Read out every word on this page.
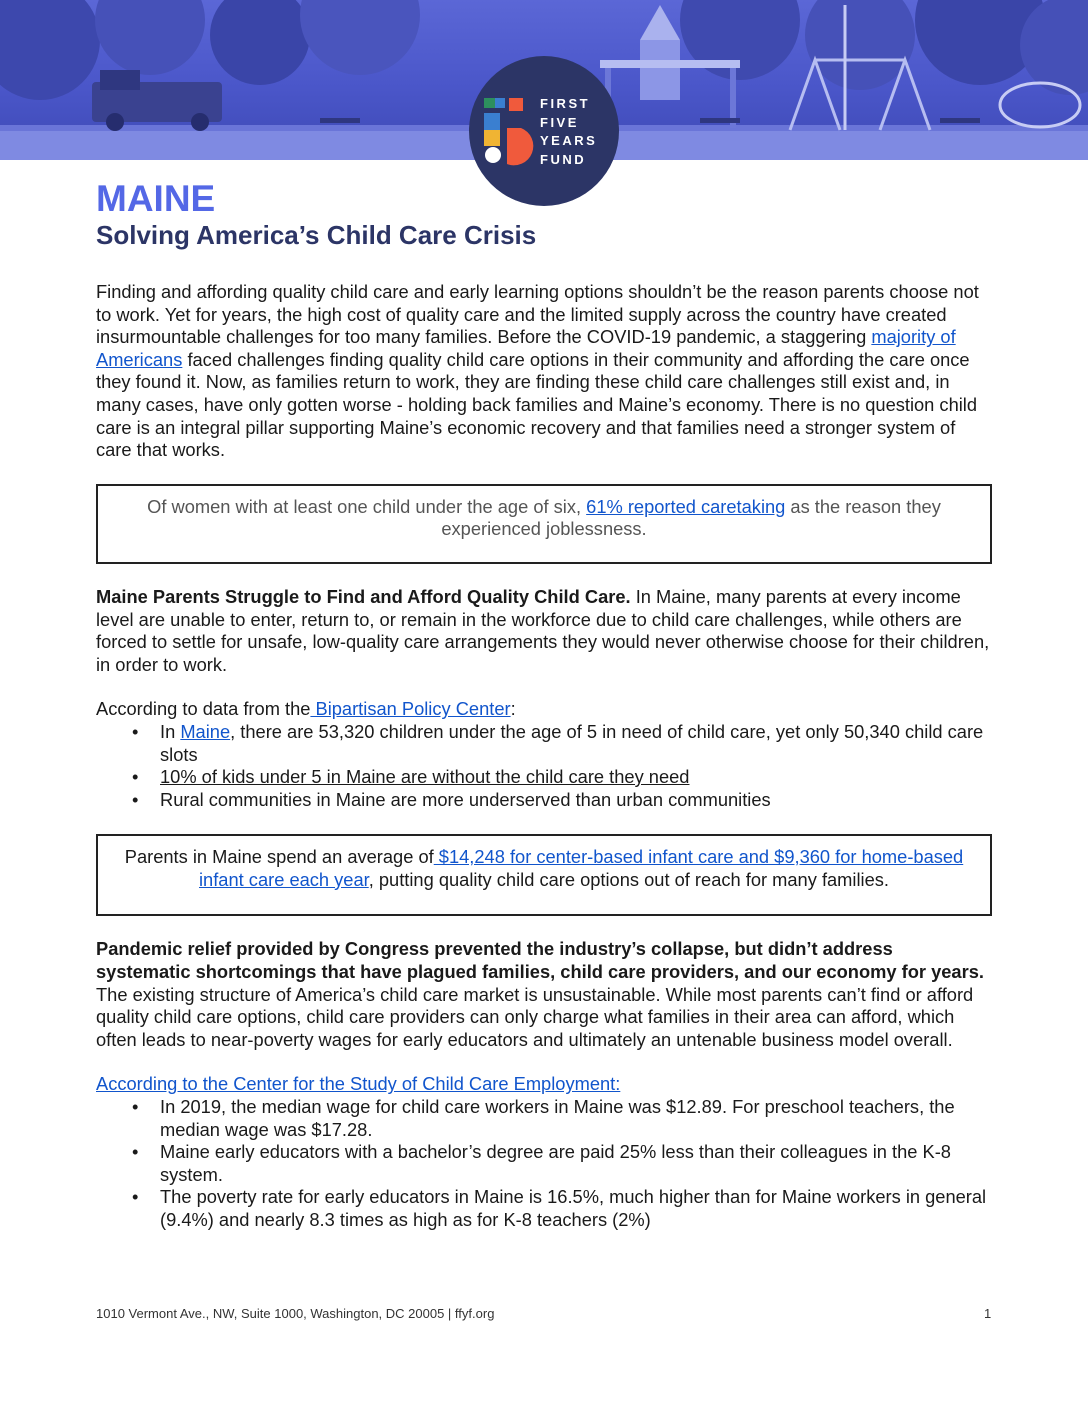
FIRST
FIVE
YEARS
FUND
MAINE
Solving America’s Child Care Crisis

Finding and affording quality child care and early learning options shouldn’t be the reason parents choose not to work. Yet for years, the high cost of quality care and the limited supply across the country have created insurmountable challenges for too many families. Before the COVID-19 pandemic, a staggering majority of Americans faced challenges finding quality child care options in their community and affording the care once they found it. Now, as families return to work, they are finding these child care challenges still exist and, in many cases, have only gotten worse - holding back families and Maine’s economy. There is no question child care is an integral pillar supporting Maine’s economic recovery and that families need a stronger system of care that works.

Of women with at least one child under the age of six, 61% reported caretaking as the reason they experienced joblessness.

Maine Parents Struggle to Find and Afford Quality Child Care. In Maine, many parents at every income level are unable to enter, return to, or remain in the workforce due to child care challenges, while others are forced to settle for unsafe, low-quality care arrangements they would never otherwise choose for their children, in order to work.

According to data from the Bipartisan Policy Center:

• In Maine, there are 53,320 children under the age of 5 in need of child care, yet only 50,340 child care slots
• 10% of kids under 5 in Maine are without the child care they need
• Rural communities in Maine are more underserved than urban communities
Parents in Maine spend an average of $14,248 for center-based infant care and $9,360 for home-based infant care each year, putting quality child care options out of reach for many families.

Pandemic relief provided by Congress prevented the industry’s collapse, but didn’t address systematic shortcomings that have plagued families, child care providers, and our economy for years. The existing structure of America’s child care market is unsustainable. While most parents can’t find or afford quality child care options, child care providers can only charge what families in their area can afford, which often leads to near-poverty wages for early educators and ultimately an untenable business model overall.

According to the Center for the Study of Child Care Employment:

• In 2019, the median wage for child care workers in Maine was $12.89. For preschool teachers, the median wage was $17.28.
• Maine early educators with a bachelor’s degree are paid 25% less than their colleagues in the K-8 system.
• The poverty rate for early educators in Maine is 16.5%, much higher than for Maine workers in general (9.4%) and nearly 8.3 times as high as for K-8 teachers (2%)
1010 Vermont Ave., NW, Suite 1000, Washington, DC 20005 | ffyf.org	1
